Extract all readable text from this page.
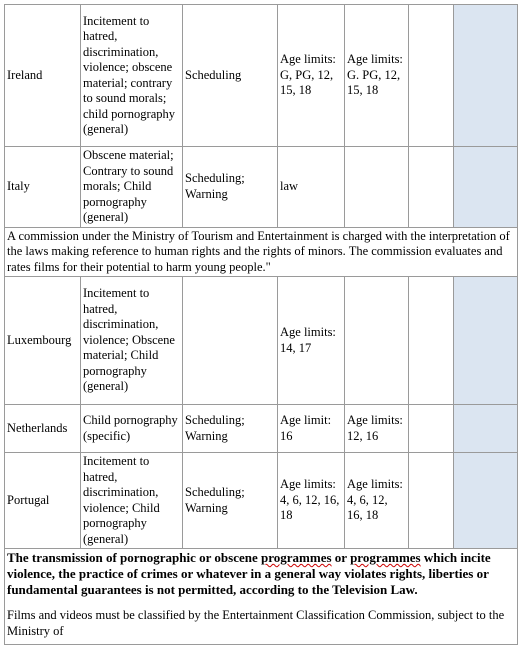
Ireland	Incitement to hatred, discrimination, violence; obscene material; contrary to sound morals; child pornography (general)	Scheduling	Age limits: G, PG, 12, 15, 18	Age limits: G. PG, 12, 15, 18		
Italy	Obscene material; Contrary to sound morals; Child pornography (general)	Scheduling; Warning	law			
A commission under the Ministry of Tourism and Entertainment is charged with the interpretation of the laws making reference to human rights and the rights of minors. The commission evaluates and rates films for their potential to harm young people."						
Luxembourg	Incitement to hatred, discrimination, violence; Obscene material; Child pornography (general)		Age limits: 14, 17			
Netherlands	Child pornography (specific)	Scheduling; Warning	Age limit: 16	Age limits: 12, 16		
Portugal	Incitement to hatred, discrimination, violence; Child pornography (general)	Scheduling; Warning	Age limits: 4, 6, 12, 16, 18	Age limits: 4, 6, 12, 16, 18		

The transmission of pornographic or obscene programmes or programmes which incite violence, the practice of crimes or whatever in a general way violates rights, liberties or fundamental guarantees is not permitted, according to the Television Law.
Films and videos must be classified by the Entertainment Classification Commission, subject to the Ministry of						
